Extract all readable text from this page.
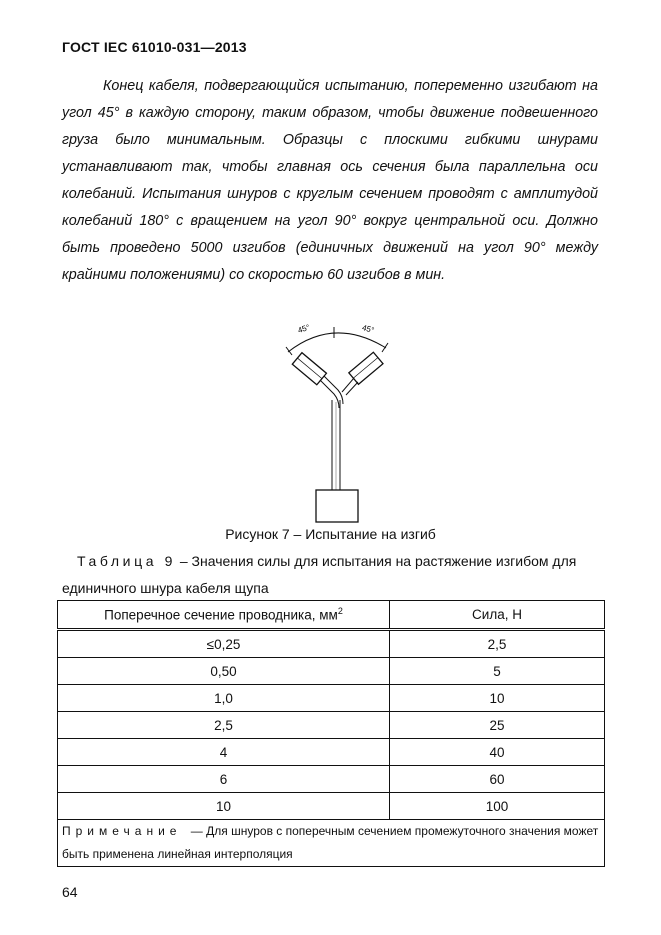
ГОСТ IEC 61010-031—2013

Конец кабеля, подвергающийся испытанию, попеременно изгибают на угол 45° в каждую сторону, таким образом, чтобы движение подвешенного груза было минимальным. Образцы с плоскими гибкими шнурами устанавливают так, чтобы главная ось сечения была параллельна оси колебаний. Испытания шнуров с круглым сечением проводят с амплитудой колебаний 180° с вращением на угол 90° вокруг центральной оси. Должно быть проведено 5000 изгибов (единичных движений на угол 90° между крайними положениями) со скоростью 60 изгибов в мин.

45°	45°
Рисунок 7 – Испытание на изгиб
Таблица 9 – Значения силы для испытания на растяжение изгибом для единичного шнура кабеля щупа
Поперечное сечение проводника, $мм^2$	Сила, Н
≤0,25	2,5
0,50	5
1,0	10
2,5	25
4	40
6	60
10	100
Примечание — Для шнуров с поперечным сечением промежуточного значения может быть применена линейная интерполяция	
64
